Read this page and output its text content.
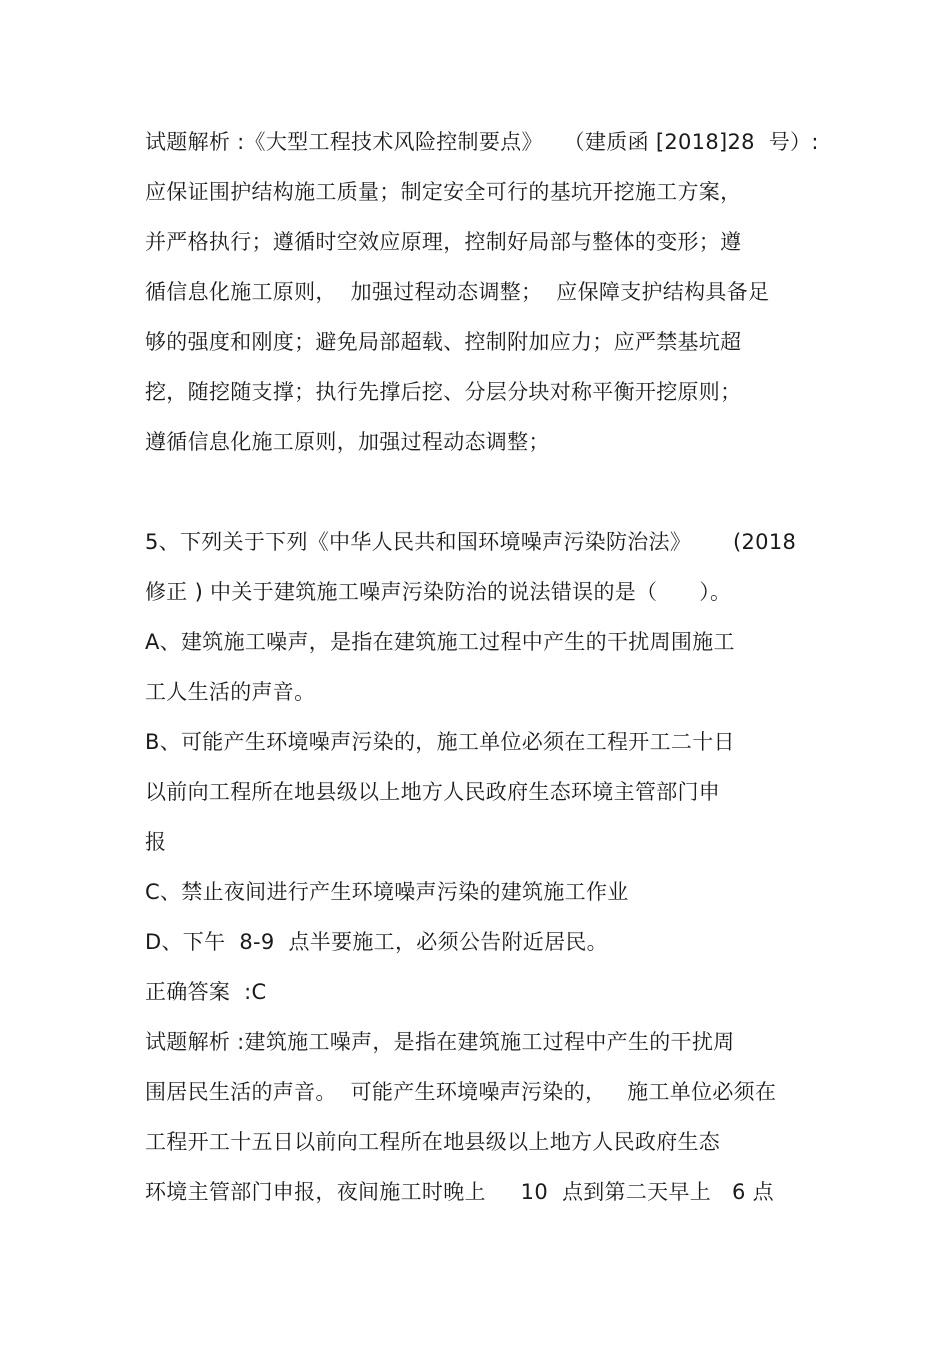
试题解析 :《大型工程技术风险控制要点》   （建质函 [2018]28  号）:
应保证围护结构施工质量；制定安全可行的基坑开挖施工方案，
并严格执行；遵循时空效应原理，控制好局部与整体的变形；遵
循信息化施工原则，  加强过程动态调整；  应保障支护结构具备足
够的强度和刚度；避免局部超载、控制附加应力；应严禁基坑超
挖，随挖随支撑；执行先撑后挖、分层分块对称平衡开挖原则；
遵循信息化施工原则，加强过程动态调整；
5、下列关于下列《中华人民共和国环境噪声污染防治法》      (2018
修正 ) 中关于建筑施工噪声污染防治的说法错误的是（      ）。
A、建筑施工噪声，是指在建筑施工过程中产生的干扰周围施工
工人生活的声音。
B、可能产生环境噪声污染的，施工单位必须在工程开工二十日
以前向工程所在地县级以上地方人民政府生态环境主管部门申
报
C、禁止夜间进行产生环境噪声污染的建筑施工作业
D、下午  8-9  点半要施工，必须公告附近居民。
正确答案  :C
试题解析 :建筑施工噪声，是指在建筑施工过程中产生的干扰周
围居民生活的声音。  可能产生环境噪声污染的，   施工单位必须在
工程开工十五日以前向工程所在地县级以上地方人民政府生态
环境主管部门申报，夜间施工时晚上     10  点到第二天早上   6 点
